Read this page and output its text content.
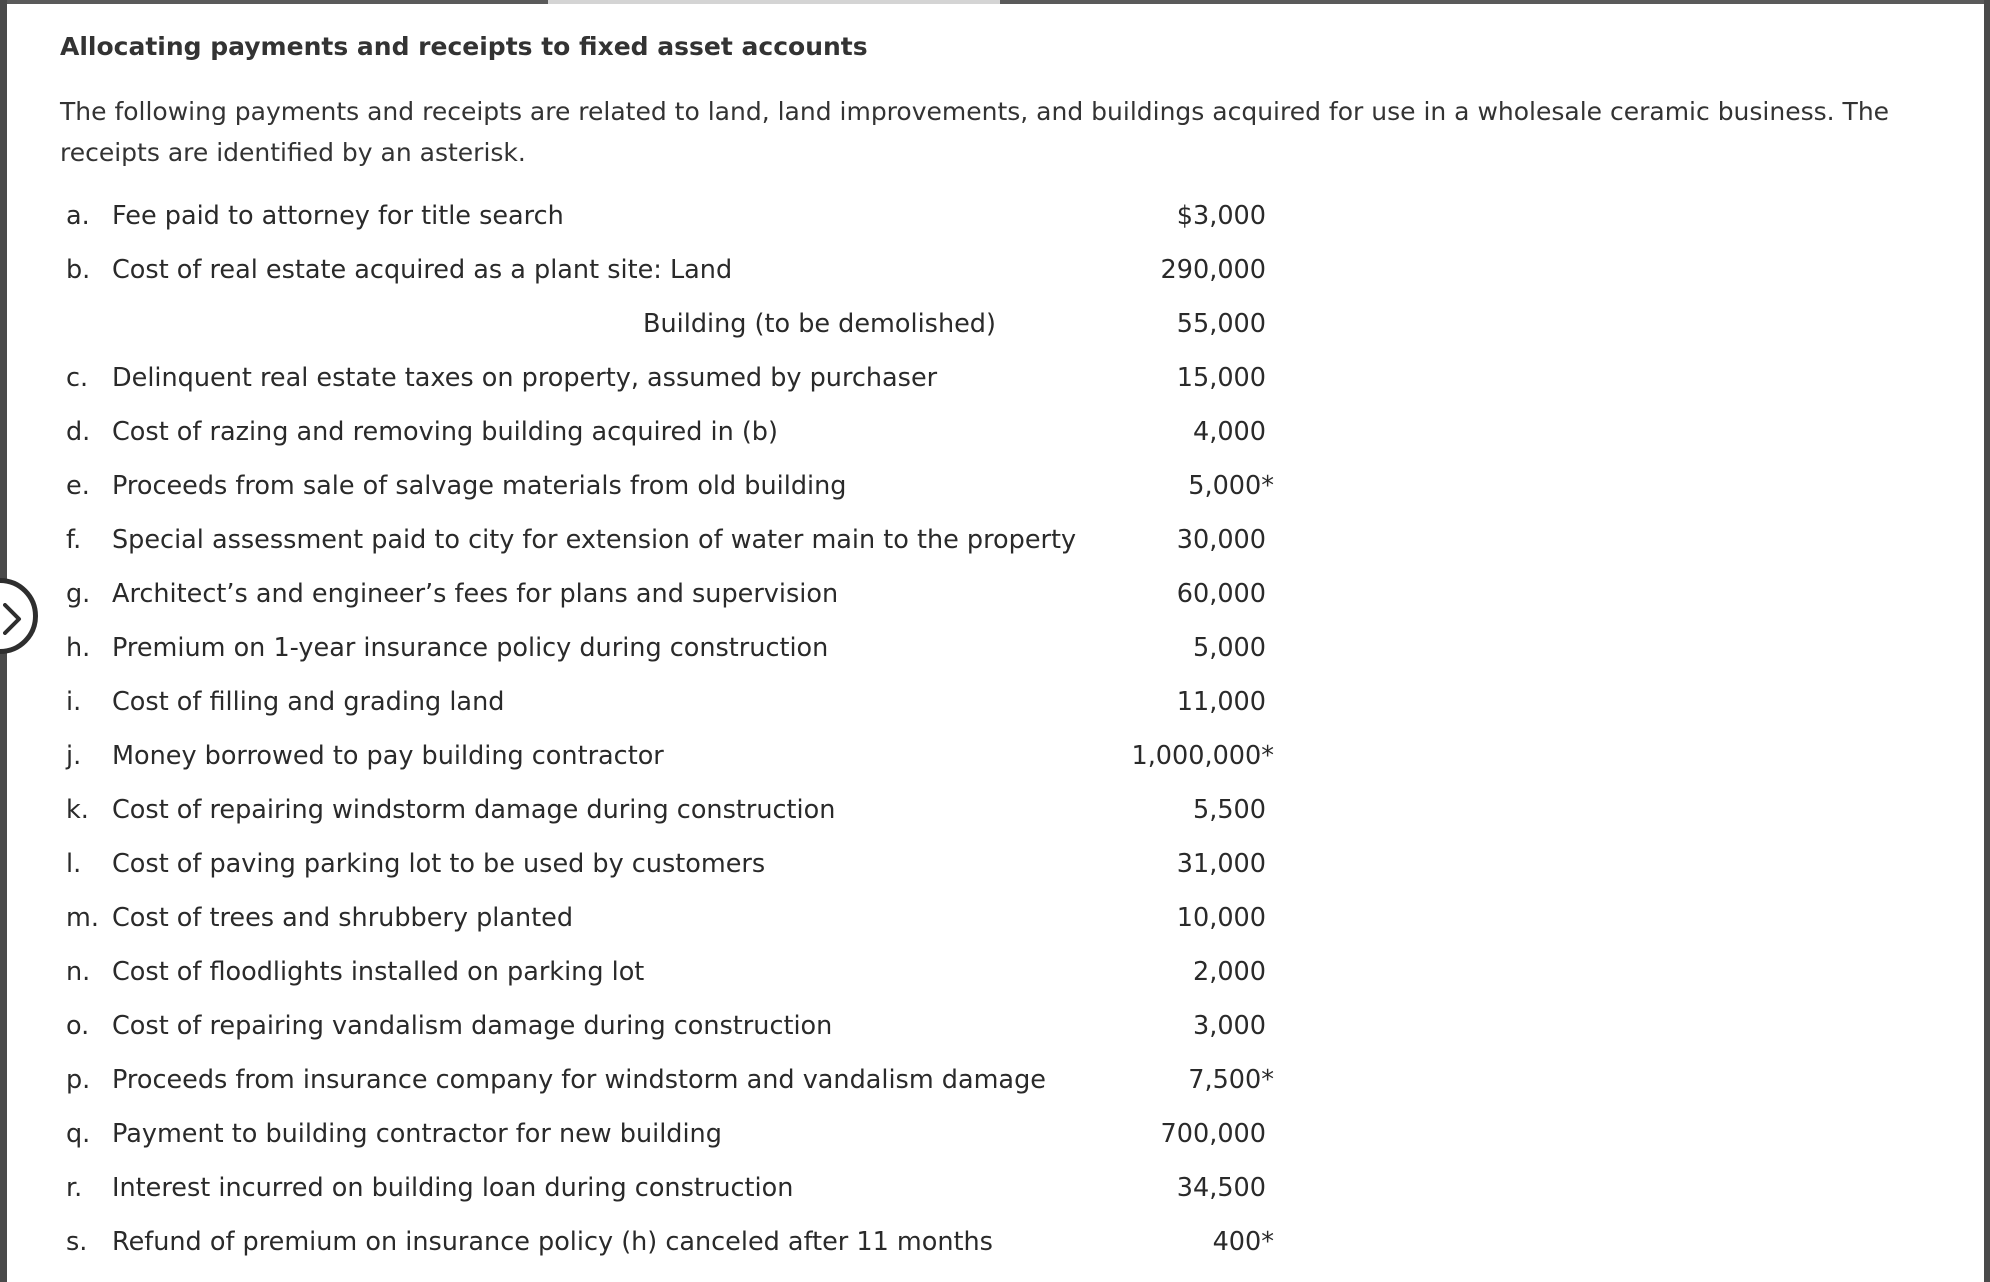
Allocating payments and receipts to fixed asset accounts

The following payments and receipts are related to land, land improvements, and buildings acquired for use in a wholesale ceramic business. The receipts are identified by an asterisk.

a. Fee paid to attorney for title search	$3,000
b. Cost of real estate acquired as a plant site: Land	290,000
Building (to be demolished)	55,000
c. Delinquent real estate taxes on property, assumed by purchaser	15,000
d. Cost of razing and removing building acquired in (b)	4,000
e. Proceeds from sale of salvage materials from old building	5,000*
f. Special assessment paid to city for extension of water main to the property	30,000
g. Architect’s and engineer’s fees for plans and supervision	60,000
h. Premium on 1-year insurance policy during construction	5,000
i. Cost of filling and grading land	11,000
j. Money borrowed to pay building contractor	1,000,000*
k. Cost of repairing windstorm damage during construction	5,500
l. Cost of paving parking lot to be used by customers	31,000
m. Cost of trees and shrubbery planted	10,000
n. Cost of floodlights installed on parking lot	2,000
o. Cost of repairing vandalism damage during construction	3,000
p. Proceeds from insurance company for windstorm and vandalism damage	7,500*
q. Payment to building contractor for new building	700,000
r. Interest incurred on building loan during construction	34,500
s. Refund of premium on insurance policy (h) canceled after 11 months	400*
